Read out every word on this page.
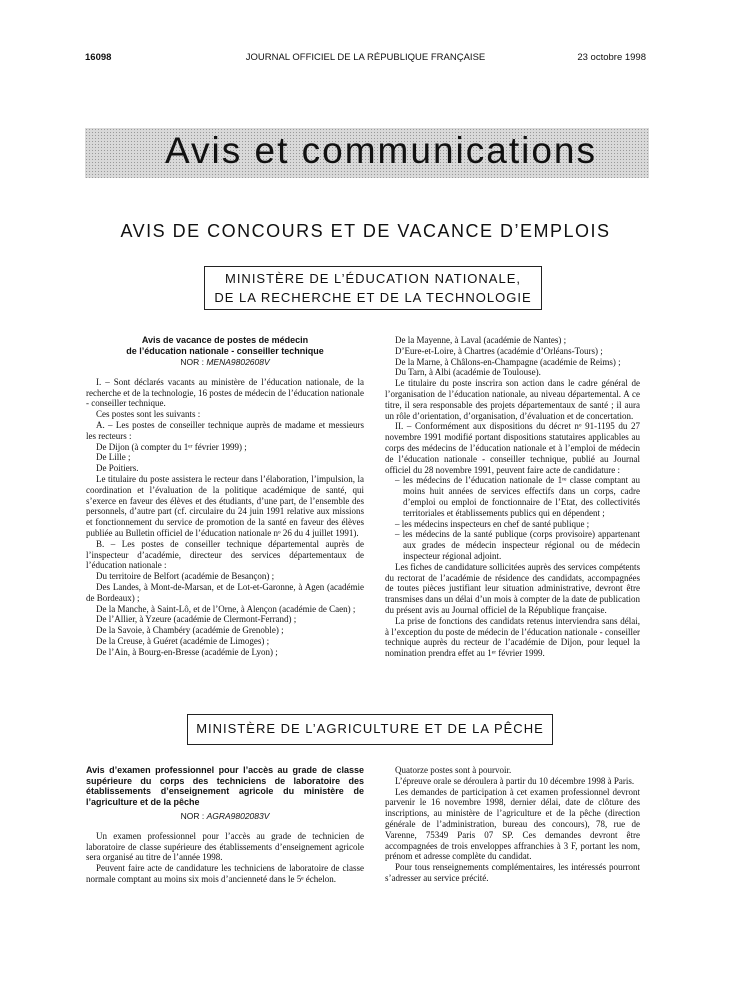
16098	JOURNAL OFFICIEL DE LA RÉPUBLIQUE FRANÇAISE	23 octobre 1998
Avis et communications
AVIS DE CONCOURS ET DE VACANCE D’EMPLOIS
MINISTÈRE DE L’ÉDUCATION NATIONALE,
DE LA RECHERCHE ET DE LA TECHNOLOGIE

Avis de vacance de postes de médecin

de l’éducation nationale - conseiller technique

NOR : MENA9802608V

I. – Sont déclarés vacants au ministère de l’éducation nationale, de la recherche et de la technologie, 16 postes de médecin de l’éducation nationale - conseiller technique.

Ces postes sont les suivants :

A. – Les postes de conseiller technique auprès de madame et messieurs les recteurs :

De Dijon (à compter du 1ᵉʳ février 1999) ;

De Lille ;

De Poitiers.

Le titulaire du poste assistera le recteur dans l’élaboration, l’impulsion, la coordination et l’évaluation de la politique académique de santé, qui s’exerce en faveur des élèves et des étudiants, d’une part, de l’ensemble des personnels, d’autre part (cf. circulaire du 24 juin 1991 relative aux missions et fonctionnement du service de promotion de la santé en faveur des élèves publiée au Bulletin officiel de l’éducation nationale nᵒ 26 du 4 juillet 1991).

B. – Les postes de conseiller technique départemental auprès de l’inspecteur d’académie, directeur des services départementaux de l’éducation nationale :

Du territoire de Belfort (académie de Besançon) ;

Des Landes, à Mont-de-Marsan, et de Lot-et-Garonne, à Agen (académie de Bordeaux) ;

De la Manche, à Saint-Lô, et de l’Orne, à Alençon (académie de Caen) ;

De l’Allier, à Yzeure (académie de Clermont-Ferrand) ;

De la Savoie, à Chambéry (académie de Grenoble) ;

De la Creuse, à Guéret (académie de Limoges) ;

De l’Ain, à Bourg-en-Bresse (académie de Lyon) ;

De la Mayenne, à Laval (académie de Nantes) ;

D’Eure-et-Loire, à Chartres (académie d’Orléans-Tours) ;

De la Marne, à Châlons-en-Champagne (académie de Reims) ;

Du Tarn, à Albi (académie de Toulouse).

Le titulaire du poste inscrira son action dans le cadre général de l’organisation de l’éducation nationale, au niveau départemental. A ce titre, il sera responsable des projets départementaux de santé ; il aura un rôle d’orientation, d’organisation, d’évaluation et de concertation.

II. – Conformément aux dispositions du décret nᵒ 91-1195 du 27 novembre 1991 modifié portant dispositions statutaires applicables au corps des médecins de l’éducation nationale et à l’emploi de médecin de l’éducation nationale - conseiller technique, publié au Journal officiel du 28 novembre 1991, peuvent faire acte de candidature :

– les médecins de l’éducation nationale de 1ʳᵉ classe comptant au moins huit années de services effectifs dans un corps, cadre d’emploi ou emploi de fonctionnaire de l’Etat, des collectivités territoriales et établissements publics qui en dépendent ;

– les médecins inspecteurs en chef de santé publique ;

– les médecins de la santé publique (corps provisoire) appartenant aux grades de médecin inspecteur régional ou de médecin inspecteur régional adjoint.

Les fiches de candidature sollicitées auprès des services compétents du rectorat de l’académie de résidence des candidats, accompagnées de toutes pièces justifiant leur situation administrative, devront être transmises dans un délai d’un mois à compter de la date de publication du présent avis au Journal officiel de la République française.

La prise de fonctions des candidats retenus interviendra sans délai, à l’exception du poste de médecin de l’éducation nationale - conseiller technique auprès du recteur de l’académie de Dijon, pour lequel la nomination prendra effet au 1ᵉʳ février 1999.

MINISTÈRE DE L’AGRICULTURE ET DE LA PÊCHE

Avis d’examen professionnel pour l’accès au grade de classe supérieure du corps des techniciens de laboratoire des établissements d’enseignement agricole du ministère de l’agriculture et de la pêche

NOR : AGRA9802083V

Un examen professionnel pour l’accès au grade de technicien de laboratoire de classe supérieure des établissements d’enseignement agricole sera organisé au titre de l’année 1998.

Peuvent faire acte de candidature les techniciens de laboratoire de classe normale comptant au moins six mois d’ancienneté dans le 5ᵉ échelon.

Quatorze postes sont à pourvoir.

L’épreuve orale se déroulera à partir du 10 décembre 1998 à Paris.

Les demandes de participation à cet examen professionnel devront parvenir le 16 novembre 1998, dernier délai, date de clôture des inscriptions, au ministère de l’agriculture et de la pêche (direction générale de l’administration, bureau des concours), 78, rue de Varenne, 75349 Paris 07 SP. Ces demandes devront être accompagnées de trois enveloppes affranchies à 3 F, portant les nom, prénom et adresse complète du candidat.

Pour tous renseignements complémentaires, les intéressés pourront s’adresser au service précité.
